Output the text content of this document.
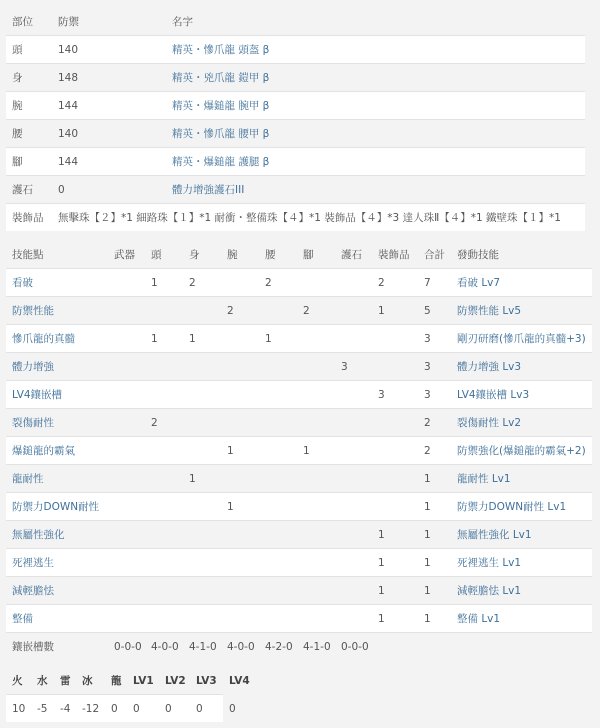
部位	防禦	名字
頭	140	精英・慘爪龍 頭盔 β
身	148	精英・兇爪龍 鎧甲 β
腕	144	精英・爆鎚龍 腕甲 β
腰	140	精英・慘爪龍 腰甲 β
腳	144	精英・爆鎚龍 護腿 β
護石	0	體力增強護石III
裝飾品	無擊珠【２】*1 細路珠【１】*1 耐衝・整備珠【４】*1 裝飾品【４】*3 達人珠Ⅱ【４】*1 鐵壁珠【１】*1	
技能點	武器	頭	身	腕	腰	腳	護石	裝飾品	合計	發動技能
看破		1	2		2			2	7	看破 Lv7
防禦性能				2		2		1	5	防禦性能 Lv5
慘爪龍的真髓		1	1		1				3	剛刃研磨(慘爪龍的真髓+3)
體力增強							3		3	體力增強 Lv3
LV4鑲嵌槽								3	3	LV4鑲嵌槽 Lv3
裂傷耐性		2							2	裂傷耐性 Lv2
爆鎚龍的霸氣				1		1			2	防禦強化(爆鎚龍的霸氣+2)
龍耐性			1						1	龍耐性 Lv1
防禦力DOWN耐性				1					1	防禦力DOWN耐性 Lv1
無屬性強化								1	1	無屬性強化 Lv1
死裡逃生								1	1	死裡逃生 Lv1
減輕膽怯								1	1	減輕膽怯 Lv1
整備								1	1	整備 Lv1
鑲嵌槽數	0-0-0	4-0-0	4-1-0	4-0-0	4-2-0	4-1-0	0-0-0			
火	水	雷	冰	龍	LV1	LV2	LV3	LV4
10	-5	-4	-12	0	0	0	0	0
